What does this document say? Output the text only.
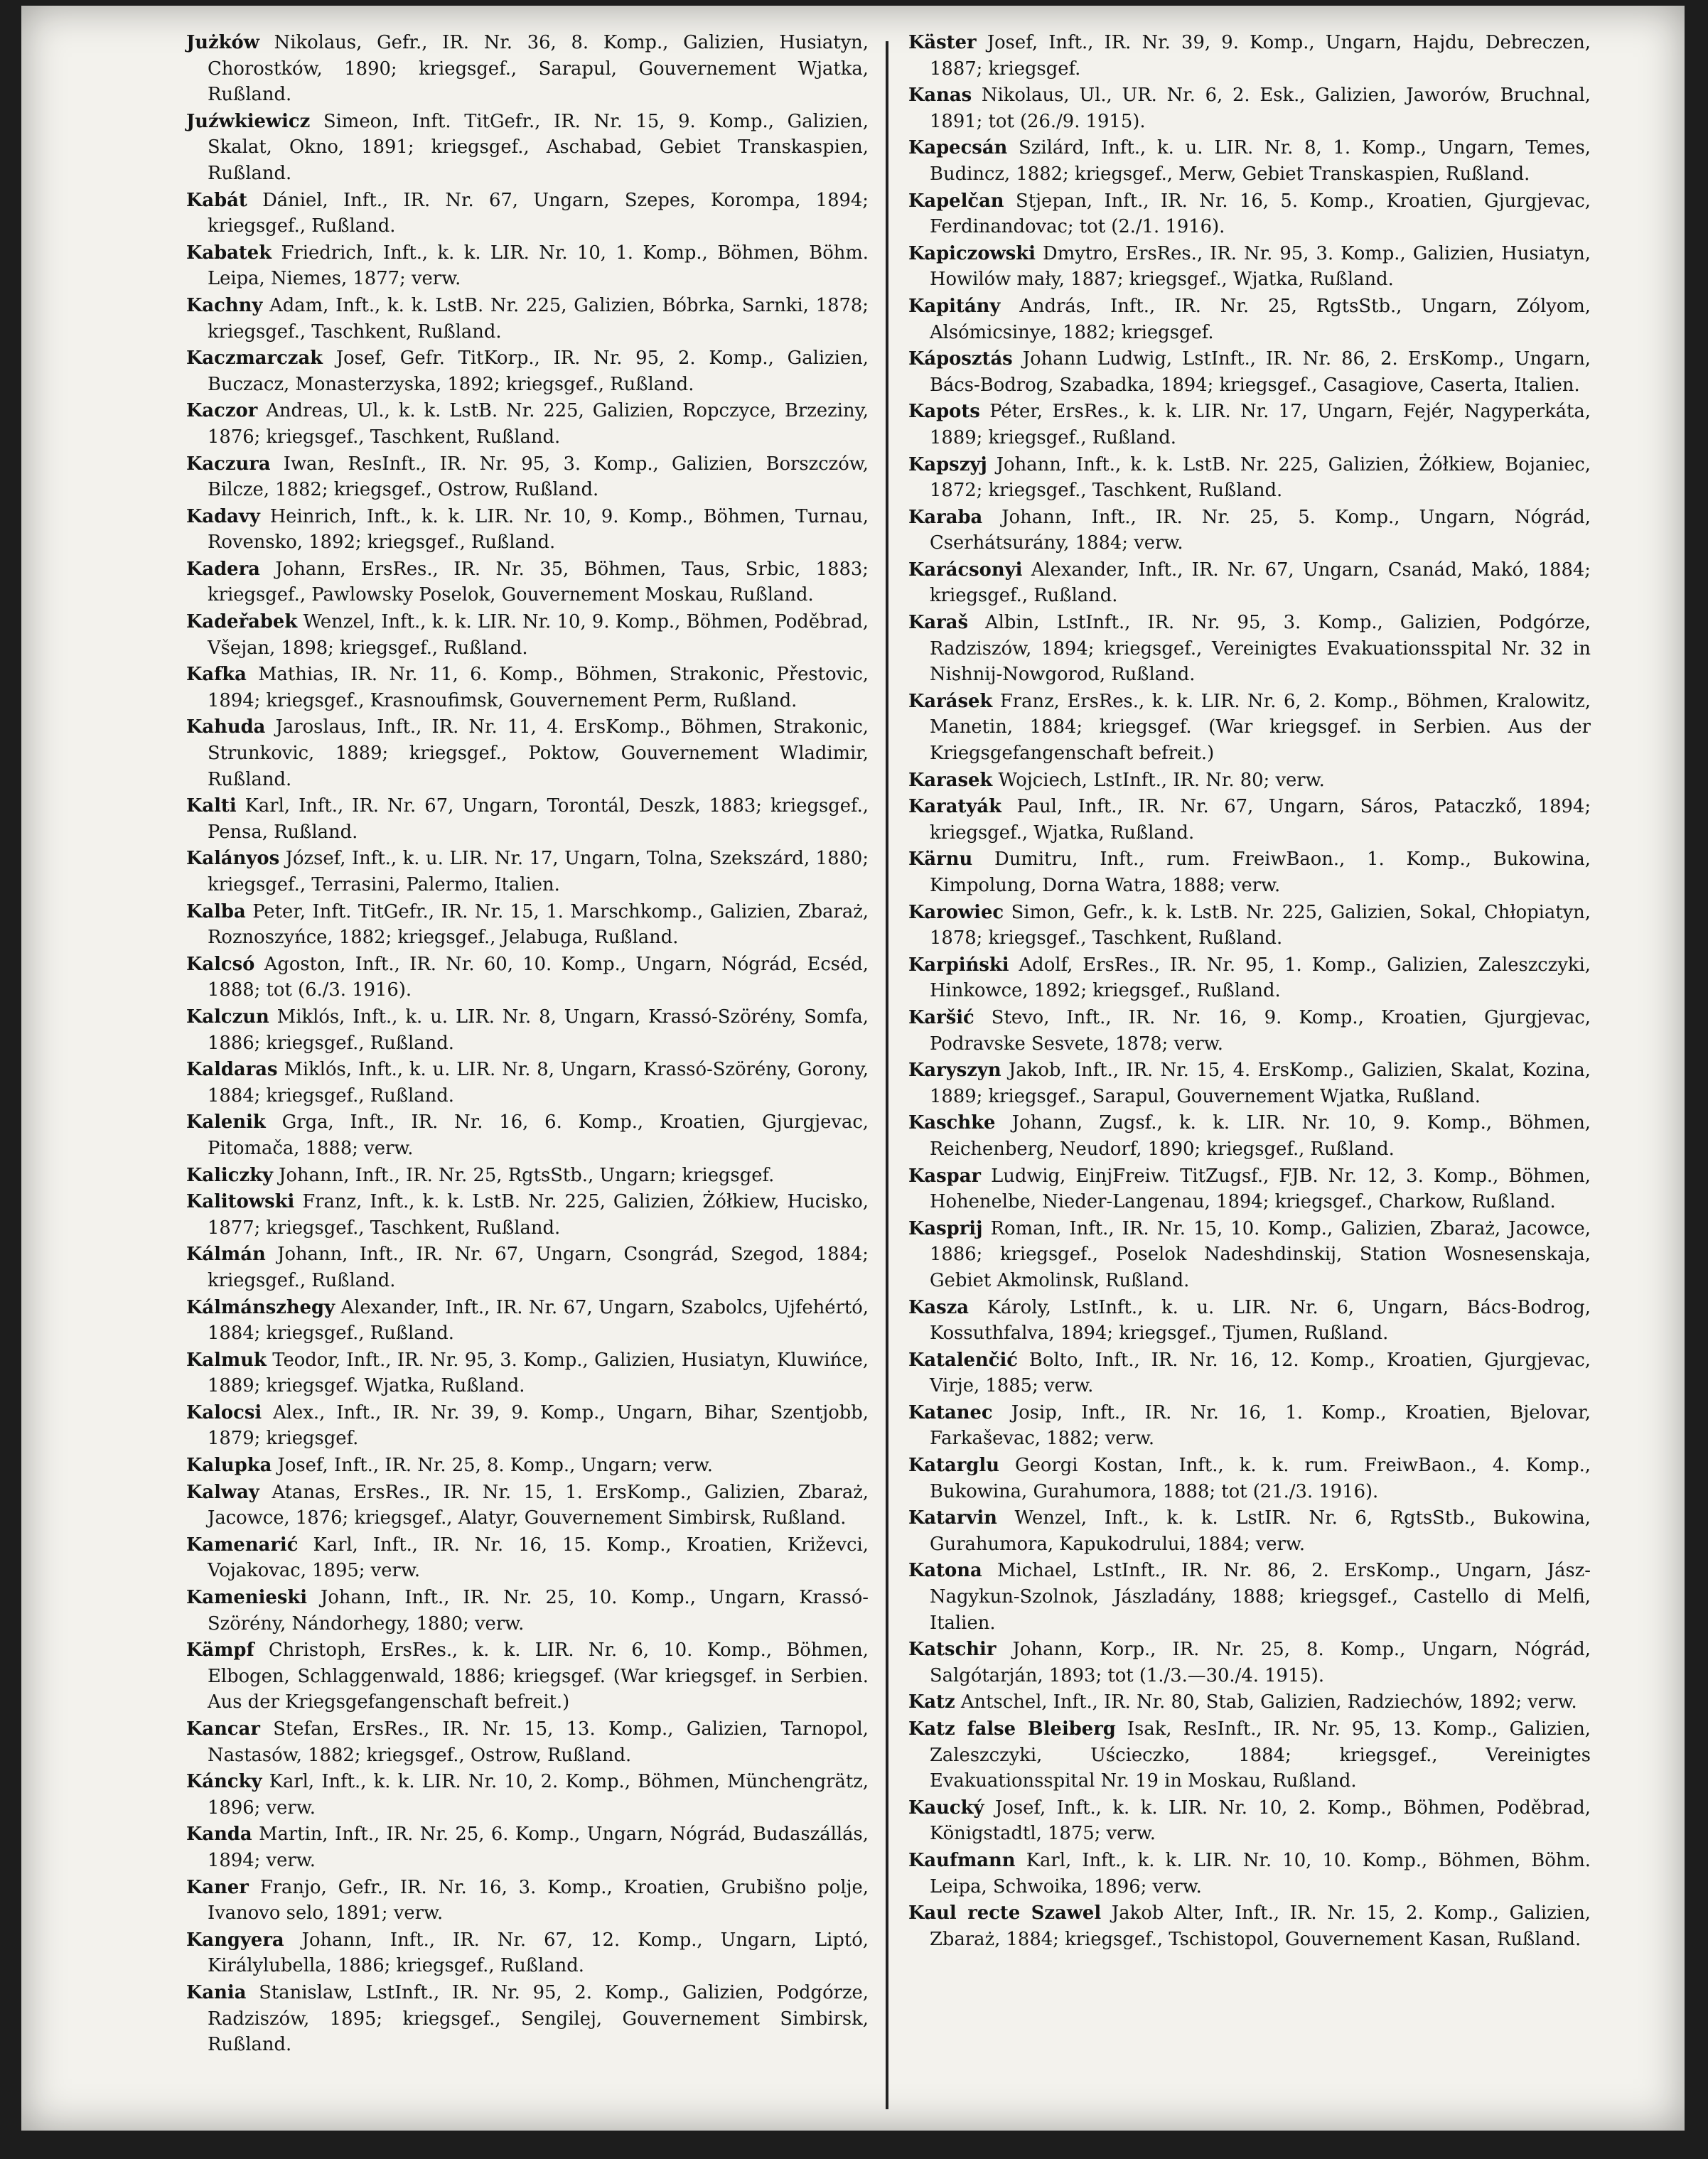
Jużków Nikolaus, Gefr., IR. Nr. 36, 8. Komp., Galizien, Husiatyn, Chorostków, 1890; kriegsgef., Sarapul, Gouvernement Wjatka, Rußland.
Juźwkiewicz Simeon, Inft. TitGefr., IR. Nr. 15, 9. Komp., Galizien, Skalat, Okno, 1891; kriegsgef., Aschabad, Gebiet Transkaspien, Rußland.
Kabát Dániel, Inft., IR. Nr. 67, Ungarn, Szepes, Korompa, 1894; kriegsgef., Rußland.
Kabatek Friedrich, Inft., k. k. LIR. Nr. 10, 1. Komp., Böhmen, Böhm. Leipa, Niemes, 1877; verw.
Kachny Adam, Inft., k. k. LstB. Nr. 225, Galizien, Bóbrka, Sarnki, 1878; kriegsgef., Taschkent, Rußland.
Kaczmarczak Josef, Gefr. TitKorp., IR. Nr. 95, 2. Komp., Galizien, Buczacz, Monasterzyska, 1892; kriegsgef., Rußland.
Kaczor Andreas, Ul., k. k. LstB. Nr. 225, Galizien, Ropczyce, Brzeziny, 1876; kriegsgef., Taschkent, Rußland.
Kaczura Iwan, ResInft., IR. Nr. 95, 3. Komp., Galizien, Borszczów, Bilcze, 1882; kriegsgef., Ostrow, Rußland.
Kadavy Heinrich, Inft., k. k. LIR. Nr. 10, 9. Komp., Böhmen, Turnau, Rovensko, 1892; kriegsgef., Rußland.
Kadera Johann, ErsRes., IR. Nr. 35, Böhmen, Taus, Srbic, 1883; kriegsgef., Pawlowsky Poselok, Gouvernement Moskau, Rußland.
Kadeřabek Wenzel, Inft., k. k. LIR. Nr. 10, 9. Komp., Böhmen, Poděbrad, Všejan, 1898; kriegsgef., Rußland.
Kafka Mathias, IR. Nr. 11, 6. Komp., Böhmen, Strakonic, Přestovic, 1894; kriegsgef., Krasnoufimsk, Gouvernement Perm, Rußland.
Kahuda Jaroslaus, Inft., IR. Nr. 11, 4. ErsKomp., Böhmen, Strakonic, Strunkovic, 1889; kriegsgef., Poktow, Gouvernement Wladimir, Rußland.
Kalti Karl, Inft., IR. Nr. 67, Ungarn, Torontál, Deszk, 1883; kriegsgef., Pensa, Rußland.
Kalányos József, Inft., k. u. LIR. Nr. 17, Ungarn, Tolna, Szekszárd, 1880; kriegsgef., Terrasini, Palermo, Italien.
Kalba Peter, Inft. TitGefr., IR. Nr. 15, 1. Marschkomp., Galizien, Zbaraż, Roznoszyńce, 1882; kriegsgef., Jelabuga, Rußland.
Kalcsó Agoston, Inft., IR. Nr. 60, 10. Komp., Ungarn, Nógrád, Ecséd, 1888; tot (6./3. 1916).
Kalczun Miklós, Inft., k. u. LIR. Nr. 8, Ungarn, Krassó-Szörény, Somfa, 1886; kriegsgef., Rußland.
Kaldaras Miklós, Inft., k. u. LIR. Nr. 8, Ungarn, Krassó-Szörény, Gorony, 1884; kriegsgef., Rußland.
Kalenik Grga, Inft., IR. Nr. 16, 6. Komp., Kroatien, Gjurgjevac, Pitomača, 1888; verw.
Kaliczky Johann, Inft., IR. Nr. 25, RgtsStb., Ungarn; kriegsgef.
Kalitowski Franz, Inft., k. k. LstB. Nr. 225, Galizien, Żółkiew, Hucisko, 1877; kriegsgef., Taschkent, Rußland.
Kálmán Johann, Inft., IR. Nr. 67, Ungarn, Csongrád, Szegod, 1884; kriegsgef., Rußland.
Kálmánszhegy Alexander, Inft., IR. Nr. 67, Ungarn, Szabolcs, Ujfehértó, 1884; kriegsgef., Rußland.
Kalmuk Teodor, Inft., IR. Nr. 95, 3. Komp., Galizien, Husiatyn, Kluwińce, 1889; kriegsgef. Wjatka, Rußland.
Kalocsi Alex., Inft., IR. Nr. 39, 9. Komp., Ungarn, Bihar, Szentjobb, 1879; kriegsgef.
Kalupka Josef, Inft., IR. Nr. 25, 8. Komp., Ungarn; verw.
Kalway Atanas, ErsRes., IR. Nr. 15, 1. ErsKomp., Galizien, Zbaraż, Jacowce, 1876; kriegsgef., Alatyr, Gouvernement Simbirsk, Rußland.
Kamenarić Karl, Inft., IR. Nr. 16, 15. Komp., Kroatien, Križevci, Vojakovac, 1895; verw.
Kamenieski Johann, Inft., IR. Nr. 25, 10. Komp., Ungarn, Krassó-Szörény, Nándorhegy, 1880; verw.
Kämpf Christoph, ErsRes., k. k. LIR. Nr. 6, 10. Komp., Böhmen, Elbogen, Schlaggenwald, 1886; kriegsgef. (War kriegsgef. in Serbien. Aus der Kriegsgefangenschaft befreit.)
Kancar Stefan, ErsRes., IR. Nr. 15, 13. Komp., Galizien, Tarnopol, Nastasów, 1882; kriegsgef., Ostrow, Rußland.
Káncky Karl, Inft., k. k. LIR. Nr. 10, 2. Komp., Böhmen, Münchengrätz, 1896; verw.
Kanda Martin, Inft., IR. Nr. 25, 6. Komp., Ungarn, Nógrád, Budaszállás, 1894; verw.
Kaner Franjo, Gefr., IR. Nr. 16, 3. Komp., Kroatien, Grubišno polje, Ivanovo selo, 1891; verw.
Kangyera Johann, Inft., IR. Nr. 67, 12. Komp., Ungarn, Liptó, Királylubella, 1886; kriegsgef., Rußland.
Kania Stanislaw, LstInft., IR. Nr. 95, 2. Komp., Galizien, Podgórze, Radziszów, 1895; kriegsgef., Sengilej, Gouvernement Simbirsk, Rußland.
Käster Josef, Inft., IR. Nr. 39, 9. Komp., Ungarn, Hajdu, Debreczen, 1887; kriegsgef.
Kanas Nikolaus, Ul., UR. Nr. 6, 2. Esk., Galizien, Jaworów, Bruchnal, 1891; tot (26./9. 1915).
Kapecsán Szilárd, Inft., k. u. LIR. Nr. 8, 1. Komp., Ungarn, Temes, Budincz, 1882; kriegsgef., Merw, Gebiet Transkaspien, Rußland.
Kapelčan Stjepan, Inft., IR. Nr. 16, 5. Komp., Kroatien, Gjurgjevac, Ferdinandovac; tot (2./1. 1916).
Kapiczowski Dmytro, ErsRes., IR. Nr. 95, 3. Komp., Galizien, Husiatyn, Howilów mały, 1887; kriegsgef., Wjatka, Rußland.
Kapitány András, Inft., IR. Nr. 25, RgtsStb., Ungarn, Zólyom, Alsómicsinye, 1882; kriegsgef.
Káposztás Johann Ludwig, LstInft., IR. Nr. 86, 2. ErsKomp., Ungarn, Bács-Bodrog, Szabadka, 1894; kriegsgef., Casagiove, Caserta, Italien.
Kapots Péter, ErsRes., k. k. LIR. Nr. 17, Ungarn, Fejér, Nagyperkáta, 1889; kriegsgef., Rußland.
Kapszyj Johann, Inft., k. k. LstB. Nr. 225, Galizien, Żółkiew, Bojaniec, 1872; kriegsgef., Taschkent, Rußland.
Karaba Johann, Inft., IR. Nr. 25, 5. Komp., Ungarn, Nógrád, Cserhátsurány, 1884; verw.
Karácsonyi Alexander, Inft., IR. Nr. 67, Ungarn, Csanád, Makó, 1884; kriegsgef., Rußland.
Karaš Albin, LstInft., IR. Nr. 95, 3. Komp., Galizien, Podgórze, Radziszów, 1894; kriegsgef., Vereinigtes Evakuationsspital Nr. 32 in Nishnij-Nowgorod, Rußland.
Karásek Franz, ErsRes., k. k. LIR. Nr. 6, 2. Komp., Böhmen, Kralowitz, Manetin, 1884; kriegsgef. (War kriegsgef. in Serbien. Aus der Kriegsgefangenschaft befreit.)
Karasek Wojciech, LstInft., IR. Nr. 80; verw.
Karatyák Paul, Inft., IR. Nr. 67, Ungarn, Sáros, Pataczkő, 1894; kriegsgef., Wjatka, Rußland.
Kärnu Dumitru, Inft., rum. FreiwBaon., 1. Komp., Bukowina, Kimpolung, Dorna Watra, 1888; verw.
Karowiec Simon, Gefr., k. k. LstB. Nr. 225, Galizien, Sokal, Chłopiatyn, 1878; kriegsgef., Taschkent, Rußland.
Karpiński Adolf, ErsRes., IR. Nr. 95, 1. Komp., Galizien, Zaleszczyki, Hinkowce, 1892; kriegsgef., Rußland.
Karšić Stevo, Inft., IR. Nr. 16, 9. Komp., Kroatien, Gjurgjevac, Podravske Sesvete, 1878; verw.
Karyszyn Jakob, Inft., IR. Nr. 15, 4. ErsKomp., Galizien, Skalat, Kozina, 1889; kriegsgef., Sarapul, Gouvernement Wjatka, Rußland.
Kaschke Johann, Zugsf., k. k. LIR. Nr. 10, 9. Komp., Böhmen, Reichenberg, Neudorf, 1890; kriegsgef., Rußland.
Kaspar Ludwig, EinjFreiw. TitZugsf., FJB. Nr. 12, 3. Komp., Böhmen, Hohenelbe, Nieder-Langenau, 1894; kriegsgef., Charkow, Rußland.
Kasprij Roman, Inft., IR. Nr. 15, 10. Komp., Galizien, Zbaraż, Jacowce, 1886; kriegsgef., Poselok Nadeshdinskij, Station Wosnesenskaja, Gebiet Akmolinsk, Rußland.
Kasza Károly, LstInft., k. u. LIR. Nr. 6, Ungarn, Bács-Bodrog, Kossuthfalva, 1894; kriegsgef., Tjumen, Rußland.
Katalenčić Bolto, Inft., IR. Nr. 16, 12. Komp., Kroatien, Gjurgjevac, Virje, 1885; verw.
Katanec Josip, Inft., IR. Nr. 16, 1. Komp., Kroatien, Bjelovar, Farkaševac, 1882; verw.
Katarglu Georgi Kostan, Inft., k. k. rum. FreiwBaon., 4. Komp., Bukowina, Gurahumora, 1888; tot (21./3. 1916).
Katarvin Wenzel, Inft., k. k. LstIR. Nr. 6, RgtsStb., Bukowina, Gurahumora, Kapukodrului, 1884; verw.
Katona Michael, LstInft., IR. Nr. 86, 2. ErsKomp., Ungarn, Jász-Nagykun-Szolnok, Jászladány, 1888; kriegsgef., Castello di Melfi, Italien.
Katschir Johann, Korp., IR. Nr. 25, 8. Komp., Ungarn, Nógrád, Salgótarján, 1893; tot (1./3.—30./4. 1915).
Katz Antschel, Inft., IR. Nr. 80, Stab, Galizien, Radziechów, 1892; verw.
Katz false Bleiberg Isak, ResInft., IR. Nr. 95, 13. Komp., Galizien, Zaleszczyki, Uścieczko, 1884; kriegsgef., Vereinigtes Evakuationsspital Nr. 19 in Moskau, Rußland.
Kaucký Josef, Inft., k. k. LIR. Nr. 10, 2. Komp., Böhmen, Poděbrad, Königstadtl, 1875; verw.
Kaufmann Karl, Inft., k. k. LIR. Nr. 10, 10. Komp., Böhmen, Böhm. Leipa, Schwoika, 1896; verw.
Kaul recte Szawel Jakob Alter, Inft., IR. Nr. 15, 2. Komp., Galizien, Zbaraż, 1884; kriegsgef., Tschistopol, Gouvernement Kasan, Rußland.
